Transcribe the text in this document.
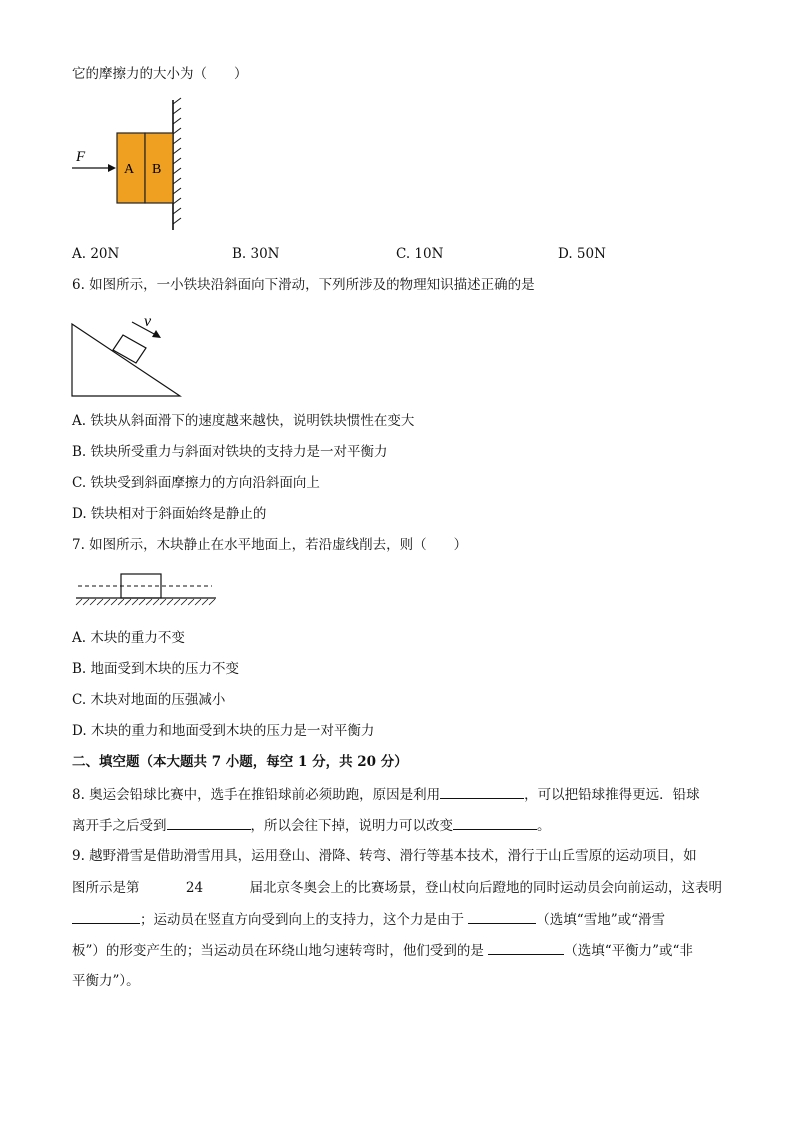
它的摩擦力的大小为（　　）
A B
F
A. 20N	B. 30N	C. 10N	D. 50N
6. 如图所示，一小铁块沿斜面向下滑动，下列所涉及的物理知识描述正确的是
v
A. 铁块从斜面滑下的速度越来越快，说明铁块惯性在变大
B. 铁块所受重力与斜面对铁块的支持力是一对平衡力
C. 铁块受到斜面摩擦力的方向沿斜面向上
D. 铁块相对于斜面始终是静止的
7. 如图所示，木块静止在水平地面上，若沿虚线削去，则（　　）
A. 木块的重力不变
B. 地面受到木块的压力不变
C. 木块对地面的压强减小
D. 木块的重力和地面受到木块的压力是一对平衡力
二、填空题（本大题共 7 小题，每空 1 分，共 20 分）
8. 奥运会铅球比赛中，选手在推铅球前必须助跑，原因是利用	，可以把铅球推得更远．铅球
离开手之后受到	，所以会往下掉，说明力可以改变	。
9. 越野滑雪是借助滑雪用具，运用登山、滑降、转弯、滑行等基本技术，滑行于山丘雪原的运动项目，如
图所示是第	24	届北京冬奥会上的比赛场景，登山杖向后蹬地的同时运动员会向前运动，这表明
；运动员在竖直方向受到向上的支持力，这个力是由于	（选填“雪地”或“滑雪
板”）的形变产生的；当运动员在环绕山地匀速转弯时，他们受到的是	（选填“平衡力”或“非
平衡力”）。
